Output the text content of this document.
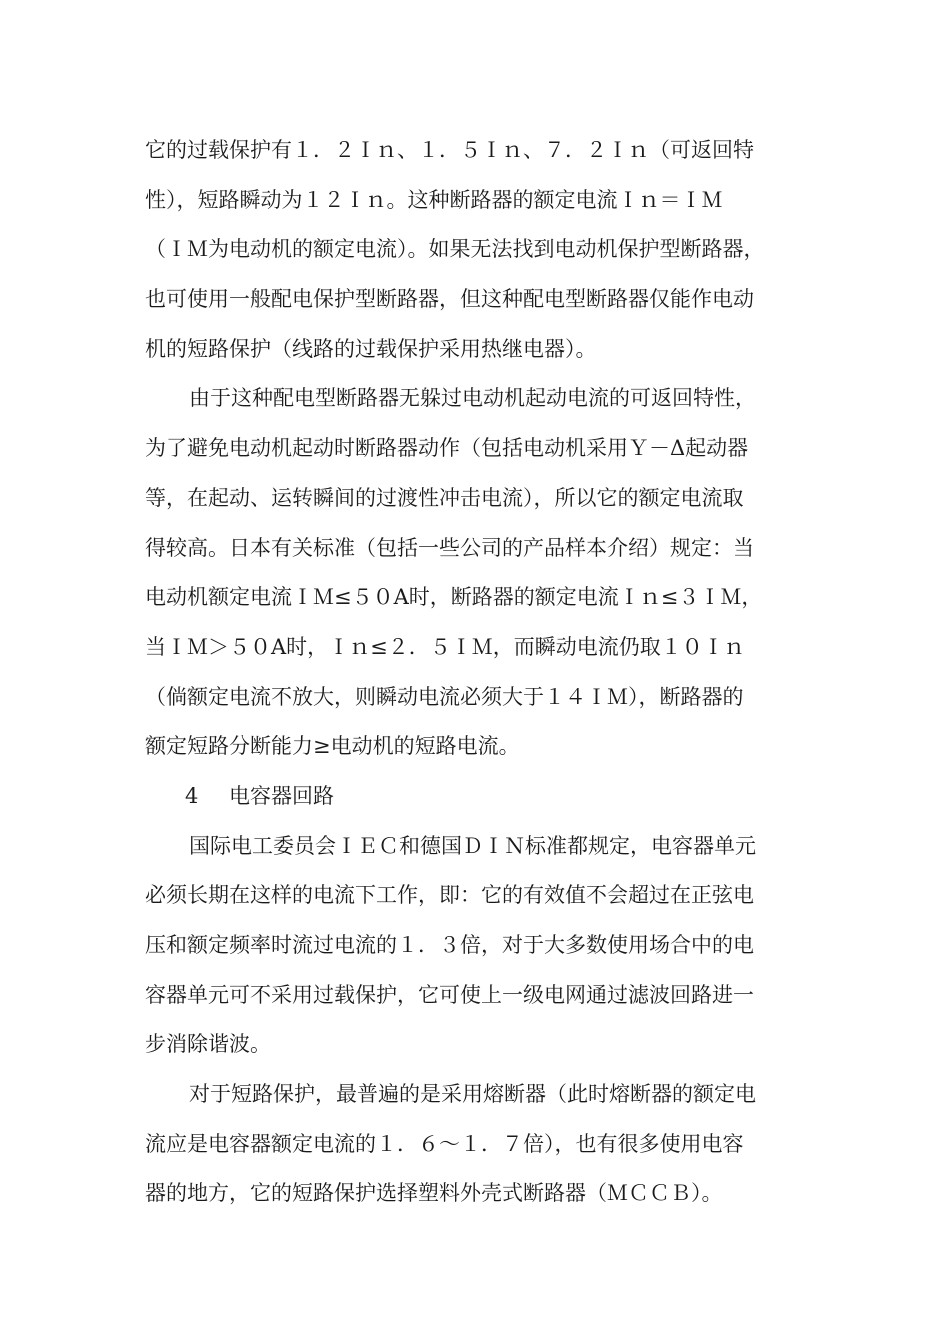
它的过载保护有１．２Ｉｎ、１．５Ｉｎ、７．２Ｉｎ（可返回特
性），短路瞬动为１２Ｉｎ。这种断路器的额定电流Ｉｎ＝ＩＭ
（ＩＭ为电动机的额定电流）。如果无法找到电动机保护型断路器，
也可使用一般配电保护型断路器，但这种配电型断路器仅能作电动
机的短路保护（线路的过载保护采用热继电器）。
由于这种配电型断路器无躲过电动机起动电流的可返回特性，
为了避免电动机起动时断路器动作（包括电动机采用Ｙ－Δ起动器
等，在起动、运转瞬间的过渡性冲击电流），所以它的额定电流取
得较高。日本有关标准（包括一些公司的产品样本介绍）规定：当
电动机额定电流ＩＭ≤５０A时，断路器的额定电流Ｉｎ≤３ＩＭ，
当ＩＭ＞５０A时，Ｉｎ≤２．５ＩＭ，而瞬动电流仍取１０Ｉｎ
（倘额定电流不放大，则瞬动电流必须大于１４ＩＭ），断路器的
额定短路分断能力≥电动机的短路电流。
4 电容器回路
国际电工委员会ＩＥＣ和德国ＤＩＮ标准都规定，电容器单元
必须长期在这样的电流下工作，即：它的有效值不会超过在正弦电
压和额定频率时流过电流的１．３倍，对于大多数使用场合中的电
容器单元可不采用过载保护，它可使上一级电网通过滤波回路进一
步消除谐波。
对于短路保护，最普遍的是采用熔断器（此时熔断器的额定电
流应是电容器额定电流的１．６～１．７倍），也有很多使用电容
器的地方，它的短路保护选择塑料外壳式断路器（ＭＣＣＢ）。
